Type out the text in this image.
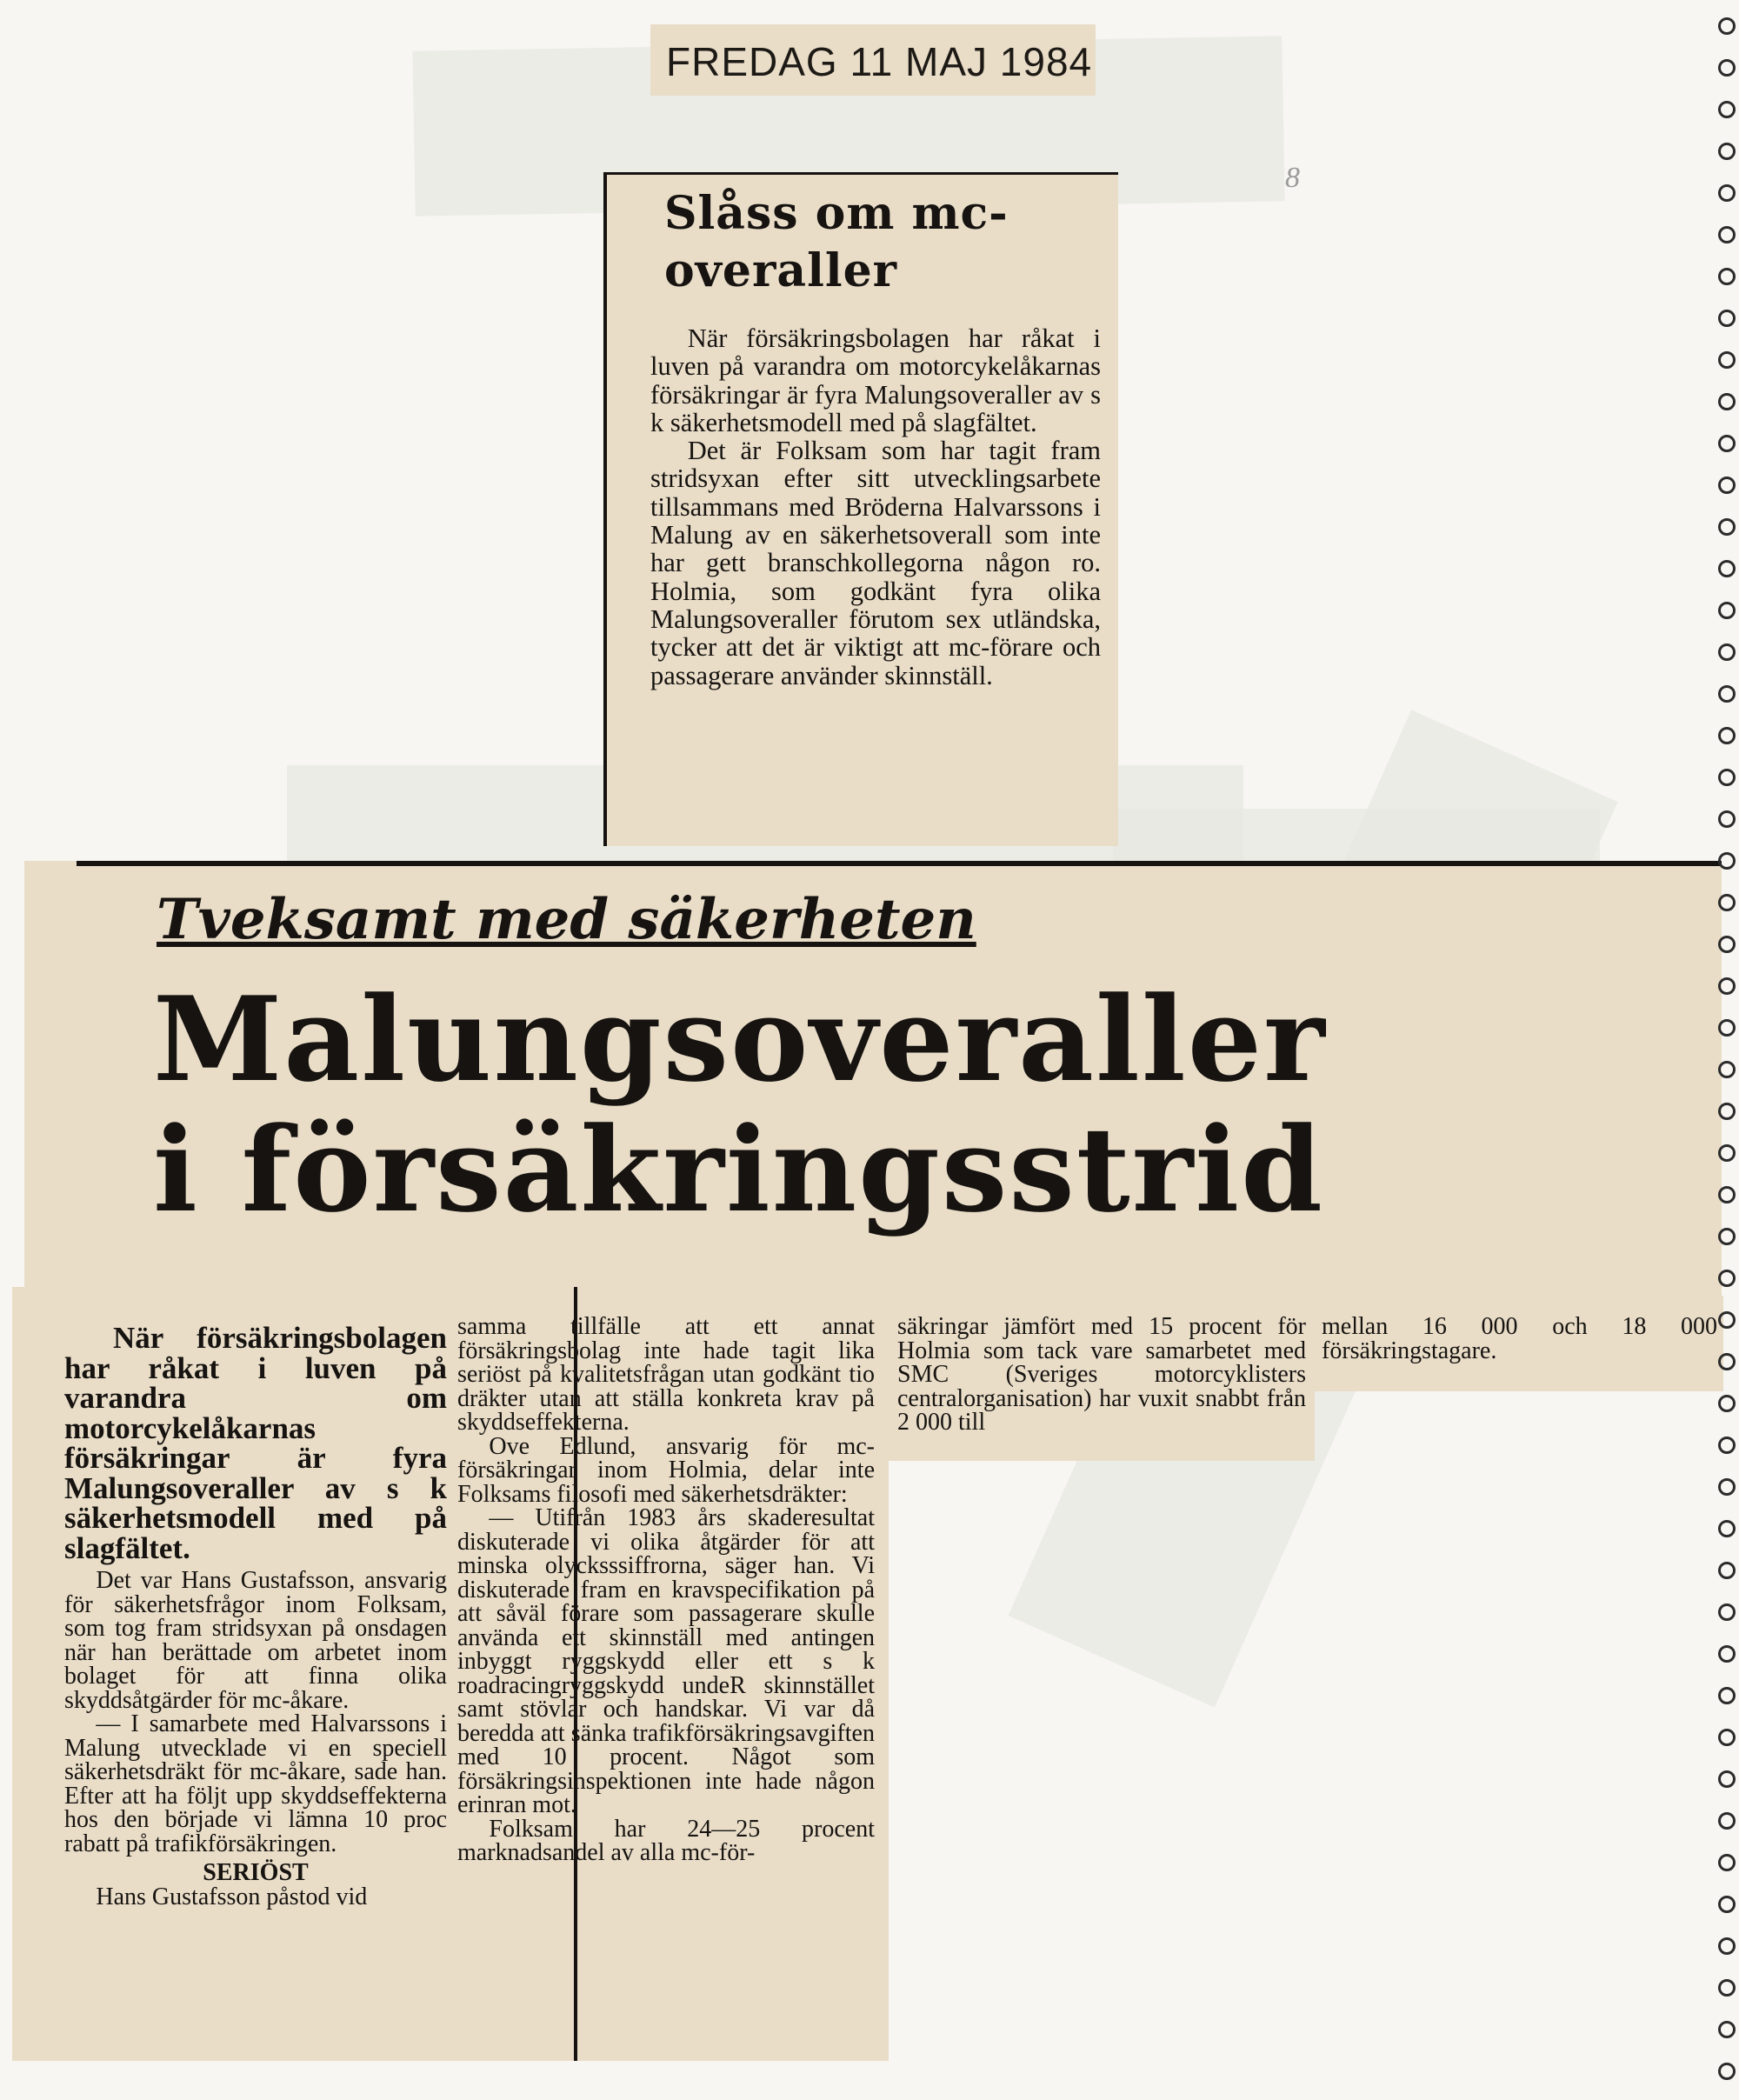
8
FREDAG 11 MAJ 1984
Slåss om mc-overaller

När försäkringsbolagen har råkat i luven på varandra om motorcykelåkarnas försäkringar är fyra Malungsoveraller av s k säkerhetsmodell med på slagfältet.

Det är Folksam som har tagit fram stridsyxan efter sitt utvecklingsarbete tillsammans med Bröderna Halvarssons i Malung av en säkerhetsoverall som inte har gett branschkollegorna någon ro. Holmia, som godkänt fyra olika Malungsoveraller förutom sex utländska, tycker att det är viktigt att mc-förare och passagerare använder skinnställ.

Tveksamt med säkerheten
Malungsoveraller
i försäkringsstrid

När försäkringsbolagen har råkat i luven på varandra om motorcykelåkarnas försäkringar är fyra Malungsoveraller av s k säkerhetsmodell med på slagfältet.

Det var Hans Gustafsson, ansvarig för säkerhetsfrågor inom Folksam, som tog fram stridsyxan på onsdagen när han berättade om arbetet inom bolaget för att finna olika skyddsåtgärder för mc-åkare.

— I samarbete med Halvarssons i Malung utvecklade vi en speciell säkerhetsdräkt för mc-åkare, sade han. Efter att ha följt upp skyddseffekterna hos den började vi lämna 10 proc rabatt på trafikförsäkringen.

SERIÖST

Hans Gustafsson påstod vid

samma tillfälle att ett annat försäkringsbolag inte hade tagit lika seriöst på kvalitetsfrågan utan godkänt tio dräkter utan att ställa konkreta krav på skyddseffekterna.

Ove Edlund, ansvarig för mc-försäkringar inom Holmia, delar inte Folksams filosofi med säkerhetsdräkter:

— Utifrån 1983 års skaderesultat diskuterade vi olika åtgärder för att minska olycksssiffrorna, säger han. Vi diskuterade fram en kravspecifikation på att såväl förare som passagerare skulle använda ett skinnställ med antingen inbyggt ryggskydd eller ett s k roadracingryggskydd undeR skinnstället samt stövlar och handskar. Vi var då beredda att sänka trafikförsäkringsavgiften med 10 procent. Något som försäkringsinspektionen inte hade någon erinran mot.

Folksam har 24—25 procent marknadsandel av alla mc-för-

säkringar jämfört med 15 procent för Holmia som tack vare samarbetet med SMC (Sveriges motorcyklisters centralorganisation) har vuxit snabbt från 2 000 till

mellan 16 000 och 18 000 försäkringstagare.
